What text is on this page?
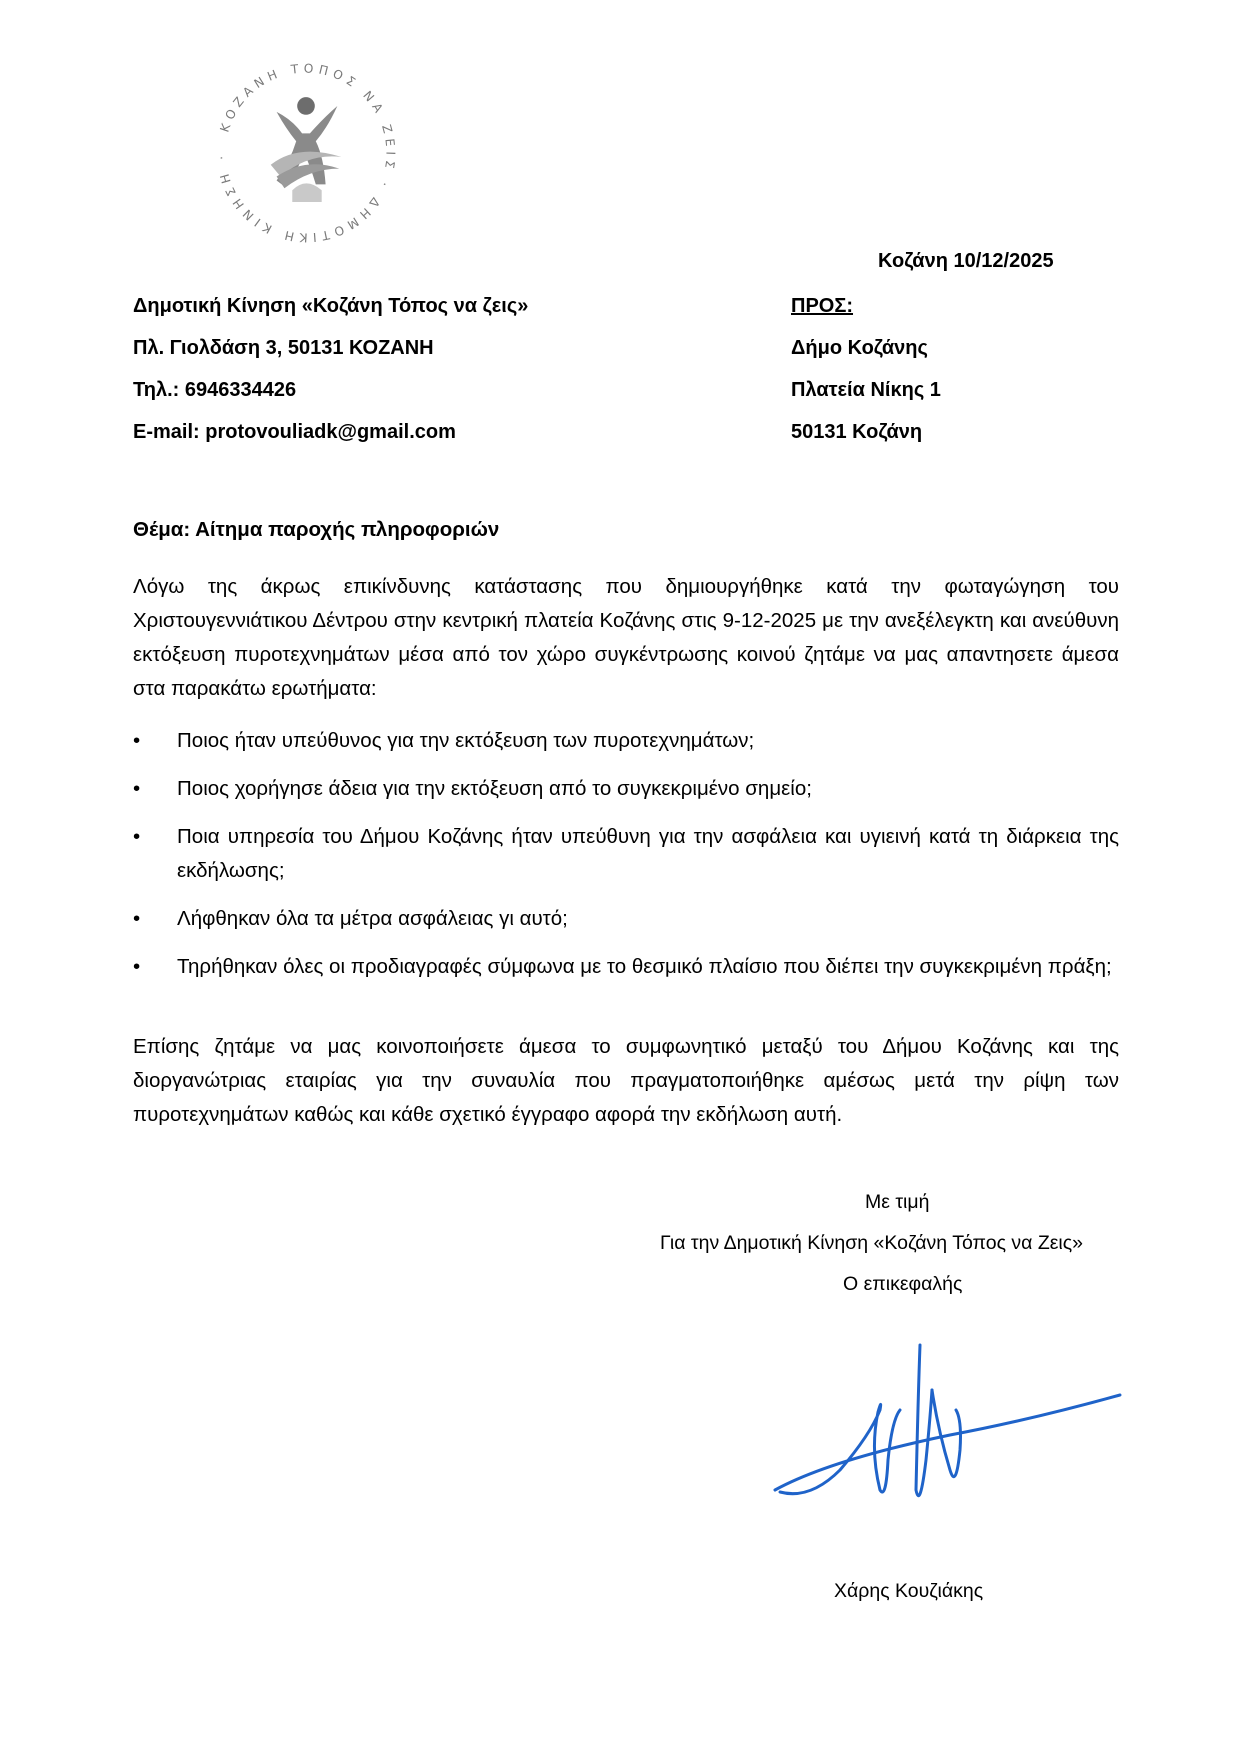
ΚΟΖΑΝΗ ΤΟΠΟΣ ΝΑ ΖΕΙΣ · ΔΗΜΟΤΙΚΗ ΚΙΝΗΣΗ ·
Κοζάνη 10/12/2025
Δημοτική Κίνηση «Κοζάνη Τόπος να ζεις»
Πλ. Γιολδάση 3, 50131 ΚΟΖΑΝΗ
Τηλ.: 6946334426
E-mail: protovouliadk@gmail.com
ΠΡΟΣ:
Δήμο Κοζάνης
Πλατεία Νίκης 1
50131 Κοζάνη
Θέμα: Αίτημα παροχής πληροφοριών
Λόγω της άκρως επικίνδυνης κατάστασης που δημιουργήθηκε κατά την φωταγώγηση του Χριστουγεννιάτικου Δέντρου στην κεντρική πλατεία Κοζάνης στις 9-12-2025 με την ανεξέλεγκτη και ανεύθυνη εκτόξευση πυροτεχνημάτων μέσα από τον χώρο συγκέντρωσης κοινού ζητάμε να μας απαντησετε άμεσα στα παρακάτω ερωτήματα:
• Ποιος ήταν υπεύθυνος για την εκτόξευση των πυροτεχνημάτων;
• Ποιος χορήγησε άδεια για την εκτόξευση από το συγκεκριμένο σημείο;
• Ποια υπηρεσία του Δήμου Κοζάνης ήταν υπεύθυνη για την ασφάλεια και υγιεινή κατά τη διάρκεια της εκδήλωσης;
• Λήφθηκαν όλα τα μέτρα ασφάλειας γι αυτό;
• Τηρήθηκαν όλες οι προδιαγραφές σύμφωνα με το θεσμικό πλαίσιο που διέπει την συγκεκριμένη πράξη;
Επίσης ζητάμε να μας κοινοποιήσετε άμεσα το συμφωνητικό μεταξύ του Δήμου Κοζάνης και της διοργανώτριας εταιρίας για την συναυλία που πραγματοποιήθηκε αμέσως μετά την ρίψη των πυροτεχνημάτων καθώς και κάθε σχετικό έγγραφο αφορά την εκδήλωση αυτή.
Με τιμή
Για την Δημοτική Κίνηση «Κοζάνη Τόπος να Ζεις»
Ο επικεφαλής
Χάρης Κουζιάκης
